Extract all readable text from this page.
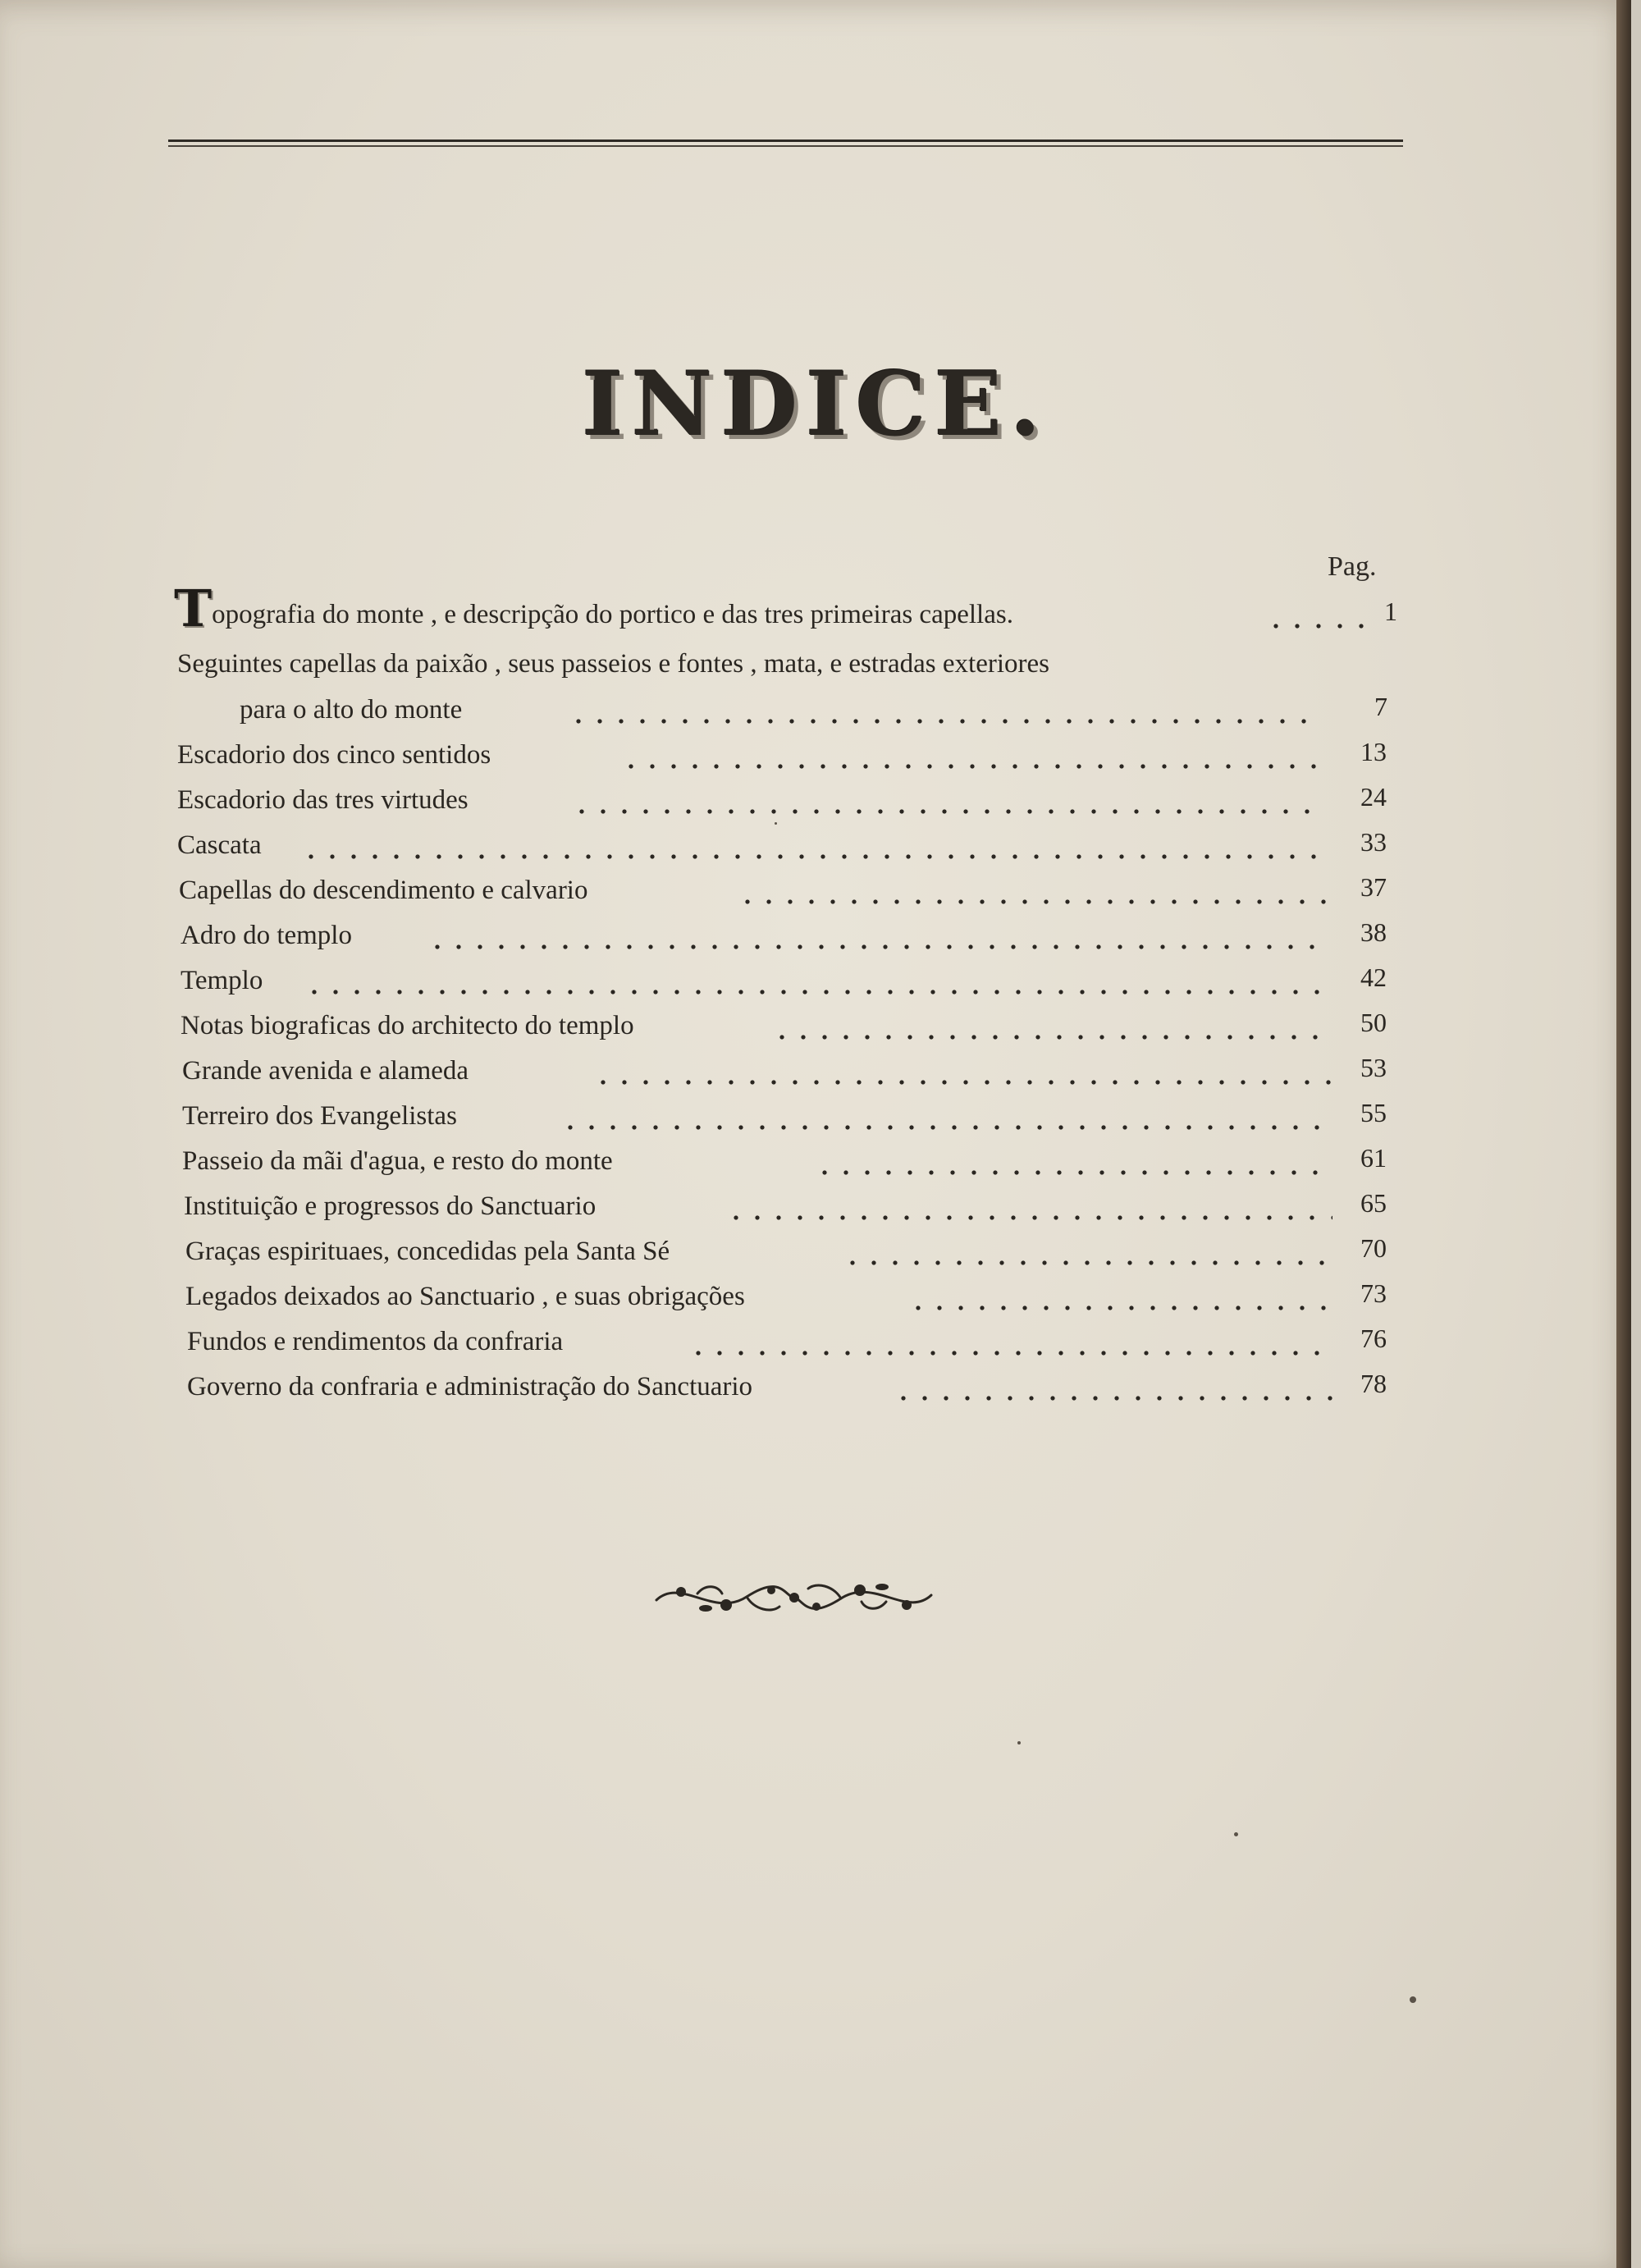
INDICE.
Pag.
Topografia do monte , e descripção do portico e das tres primeiras capellas.	1
Seguintes capellas da paixão , seus passeios e fontes , mata, e estradas exteriores
para o alto do monte	7
Escadorio dos cinco sentidos	13
Escadorio das tres virtudes	24
Cascata	33
Capellas do descendimento e calvario	37
Adro do templo	38
Templo	42
Notas biograficas do architecto do templo	50
Grande avenida e alameda	53
Terreiro dos Evangelistas	55
Passeio da mãi d'agua, e resto do monte	61
Instituição e progressos do Sanctuario	65
Graças espirituaes, concedidas pela Santa Sé	70
Legados deixados ao Sanctuario , e suas obrigações	73
Fundos e rendimentos da confraria	76
Governo da confraria e administração do Sanctuario	78
